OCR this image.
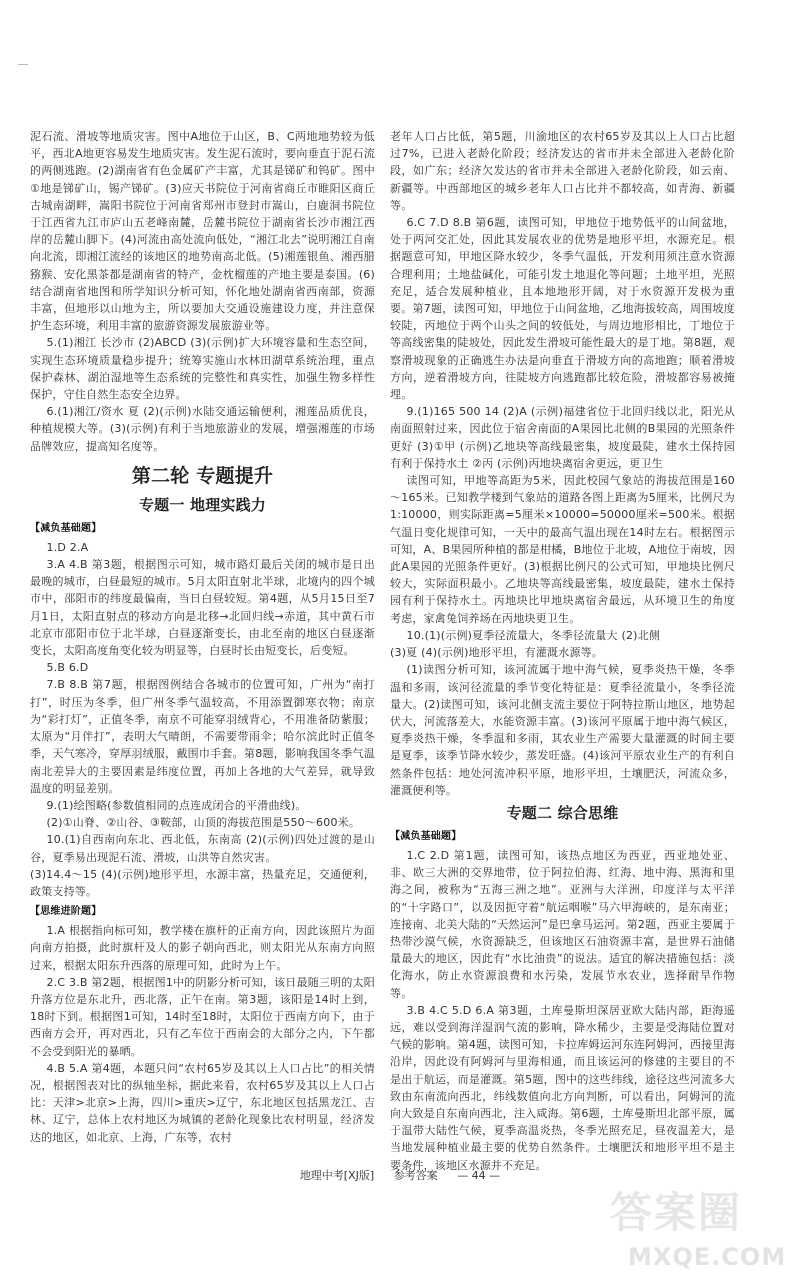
泥石流、滑坡等地质灾害。图中A地位于山区，B、C两地地势较为低平，西北A地更容易发生地质灾害。发生泥石流时，要向垂直于泥石流的两侧逃跑。(2)湖南省有色金属矿产丰富，尤其是锑矿和钨矿。图中①地是锑矿山，锡产锑矿。(3)应天书院位于河南省商丘市睢阳区商丘古城南湖畔，嵩阳书院位于河南省郑州市登封市嵩山，白鹿洞书院位于江西省九江市庐山五老峰南麓，岳麓书院位于湖南省长沙市湘江西岸的岳麓山脚下。(4)河流由高处流向低处，“湘江北去”说明湘江自南向北流，即湘江流经的该地区的地势南高北低。(5)湘莲银鱼、湘西腊猕猴、安化黑茶都是湖南省的特产，金枕榴莲的产地主要是泰国。(6)结合湖南省地图和所学知识分析可知，怀化地处湖南省西南部，资源丰富，但地形以山地为主，所以要加大交通设施建设力度，并注意保护生态环境，利用丰富的旅游资源发展旅游业等。

5.(1)湘江 长沙市 (2)ABCD (3)(示例)扩大环境容量和生态空间，实现生态环境质量稳步提升；统筹实施山水林田湖草系统治理，重点保护森林、湖泊湿地等生态系统的完整性和真实性，加强生物多样性保护，守住自然生态安全边界。

6.(1)湘江/资水 夏 (2)(示例)水陆交通运输便利，湘莲品质优良，种植规模大等。(3)(示例)有利于当地旅游业的发展，增强湘莲的市场品牌效应，提高知名度等。

第二轮 专题提升
专题一 地理实践力
【减负基础题】

1.D 2.A

3.A 4.B 第3题，根据图示可知，城市路灯最后关闭的城市是日出最晚的城市，白昼最短的城市。5月太阳直射北半球，北境内的四个城市中，邵阳市的纬度最偏南，当日白昼较短。第4题，从5月15日至7月1日，太阳直射点的移动方向是北移→北回归线→赤道，其中黄石市北京市邵阳市位于北半球，白昼逐渐变长，由北至南的地区白昼逐渐变长，太阳高度角变化较为明显等，白昼时长由短变长，后变短。

5.B 6.D

7.B 8.B 第7题，根据图例结合各城市的位置可知，广州为“南打打”，时压为冬季，但广州冬季气温较高，不用添置御寒衣物；南京为“彩打灯”，正值冬季，南京不可能穿羽绒背心，不用准备防紫服；太原为“月伴打”，表明大气晴朗，不需要带雨伞；哈尔滨此时正值冬季，天气寒冷，穿厚羽绒服，戴围巾手套。第8题，影响我国冬季气温南北差异大的主要因素是纬度位置，再加上各地的大气差异，就导致温度的明显差别。

9.(1)绘图略(参数值相同的点连成闭合的平滑曲线)。

(2)①山脊、②山谷、③鞍部，山顶的海拔范围是550～600米。

10.(1)自西南向东北、西北低，东南高 (2)(示例)四处过渡的是山谷，夏季易出现泥石流、滑坡，山洪等自然灾害。

(3)14.4～15 (4)(示例)地形平坦，水源丰富，热量充足，交通便利，政策支持等。

【思维进阶题】

1.A 根据指向标可知，教学楼在旗杆的正南方向，因此该照片为面向南方拍摄，此时旗杆及人的影子朝向西北，则太阳光从东南方向照过来，根据太阳东升西落的原理可知，此时为上午。

2.C 3.B 第2题，根据图1中的阴影分析可知，该日最随三明的太阳升落方位是东北升，西北落，正午在南。第3题，该阳是14时上到，18时下到。根据图1可知，14时至18时，太阳位于西南方向下，由于西南方会开，再对西北，只有乙车位于西南会的大部分之内，下午都不会受到阳光的暴晒。

4.B 5.A 第4题，本题只问“农村65岁及其以上人口占比”的相关情况，根据图表对比的纵轴坐标，据此来看，农村65岁及其以上人口占比：天津>北京>上海，四川>重庆>辽宁，东北地区包括黑龙江、吉林、辽宁，总体上农村地区为城镇的老龄化现象比农村明显，经济发达的地区，如北京、上海，广东等，农村

老年人口占比低，第5题，川渝地区的农村65岁及其以上人口占比超过7%，已进入老龄化阶段；经济发达的省市并未全部进入老龄化阶段，如广东；经济欠发达的省市并未全部进入老龄化阶段，如云南、新疆等。中西部地区的城乡老年人口占比并不都较高，如青海、新疆等。

6.C 7.D 8.B 第6题，读图可知，甲地位于地势低平的山间盆地，处于两河交汇处，因此其发展农业的优势是地形平坦，水源充足。根据题意可知，甲地区降水较少，冬季气温低，开发利用须注意水资源合理利用；土地盐碱化，可能引发土地退化等问题；土地平坦，光照充足，适合发展种植业，且本地地形开阔，对于水资源开发极为重要。第7题，读图可知，甲地位于山间盆地，乙地海拔较高，周围坡度较陡，丙地位于两个山头之间的较低处，与周边地形相比，丁地位于等高线密集的陡坡处，因此发生滑坡可能性最大的是丁地。第8题，观察滑坡现象的正确逃生办法是向垂直于滑坡方向的高地跑；顺着滑坡方向，逆着滑坡方向，往陡坡方向逃跑都比较危险，滑坡都容易被掩埋。

9.(1)165 500 14 (2)A (示例)福建省位于北回归线以北，阳光从南面照射过来，因此位于宿舍南面的A果园比北侧的B果园的光照条件更好 (3)①甲 (示例)乙地块等高线最密集，坡度最陡，建水土保持园有利于保持水土 ②丙 (示例)丙地块离宿舍更远，更卫生

读图可知，甲地等高距为5米，因此校园气象站的海拔范围是160～165米。已知教学楼到气象站的道路各图上距离为5厘米，比例尺为1:10000，则实际距离=5厘米×10000=50000厘米=500米。根据气温日变化规律可知，一天中的最高气温出现在14时左右。根据图示可知，A、B果园所种植的都是柑橘，B地位于北坡，A地位于南坡，因此A果园的光照条件更好。(3)根据比例尺的公式可知，甲地块比例尺较大，实际面积最小。乙地块等高线最密集，坡度最陡，建水土保持园有利于保持水土。丙地块比甲地块离宿舍最远，从环境卫生的角度考虑，家禽兔饲养场在丙地块更卫生。

10.(1)(示例)夏季径流量大，冬季径流量大 (2)北侧

(3)夏 (4)(示例)地形平坦，有灌溉水源等。

(1)读图分析可知，该河流属于地中海气候，夏季炎热干燥，冬季温和多雨，该河径流量的季节变化特征是：夏季径流量小，冬季径流量大。(2)读图可知，该河北侧支流主要位于阿特拉斯山地区，地势起伏大，河流落差大，水能资源丰富。(3)该河平原属于地中海气候区，夏季炎热干燥，冬季温和多雨，其农业生产需要大量灌溉的时间主要是夏季，该季节降水较少，蒸发旺盛。(4)该河平原农业生产的有利自然条件包括：地处河流冲积平原，地形平坦，土壤肥沃，河流众多，灌溉便利等。

专题二 综合思维
【减负基础题】

1.C 2.D 第1题，读图可知，该热点地区为西亚，西亚地处亚、非、欧三大洲的交界地带，位于阿拉伯海、红海、地中海、黑海和里海之间，被称为“五海三洲之地”。亚洲与大洋洲，印度洋与太平洋的“十字路口”，以及因扼守着“航运咽喉”马六甲海峡的，是东南亚；连接南、北美大陆的“天然运河”是巴拿马运河。第2题，西亚主要属于热带沙漠气候，水资源缺乏，但该地区石油资源丰富，是世界石油储量最大的地区，因此有“水比油贵”的说法。适宜的解决措施包括：淡化海水，防止水资源浪费和水污染，发展节水农业，选择耐旱作物等。

3.B 4.C 5.D 6.A 第3题，土库曼斯坦深居亚欧大陆内部，距海遥远，难以受到海洋湿润气流的影响，降水稀少，主要是受海陆位置对气候的影响。第4题，读图可知，卡拉库姆运河东连阿姆河，西接里海沿岸，因此设有阿姆河与里海相通，而且该运河的修建的主要目的不是出于航运，而是灌溉。第5题，图中的这些纬线，途径这些河流多大致由东南流向西北，纬线数值向北方向判断，可以看出，阿姆河的流向大致是自东南向西北，注入咸海。第6题，土库曼斯坦北部平原，属于温带大陆性气候，夏季高温炎热，冬季光照充足，昼夜温差大，是当地发展种植业最主要的优势自然条件。土壤肥沃和地形平坦不是主要条件，该地区水源并不充足。

地理中考[XJ版] 参考答案 — 44 —
答案圈
MXQE.COM
